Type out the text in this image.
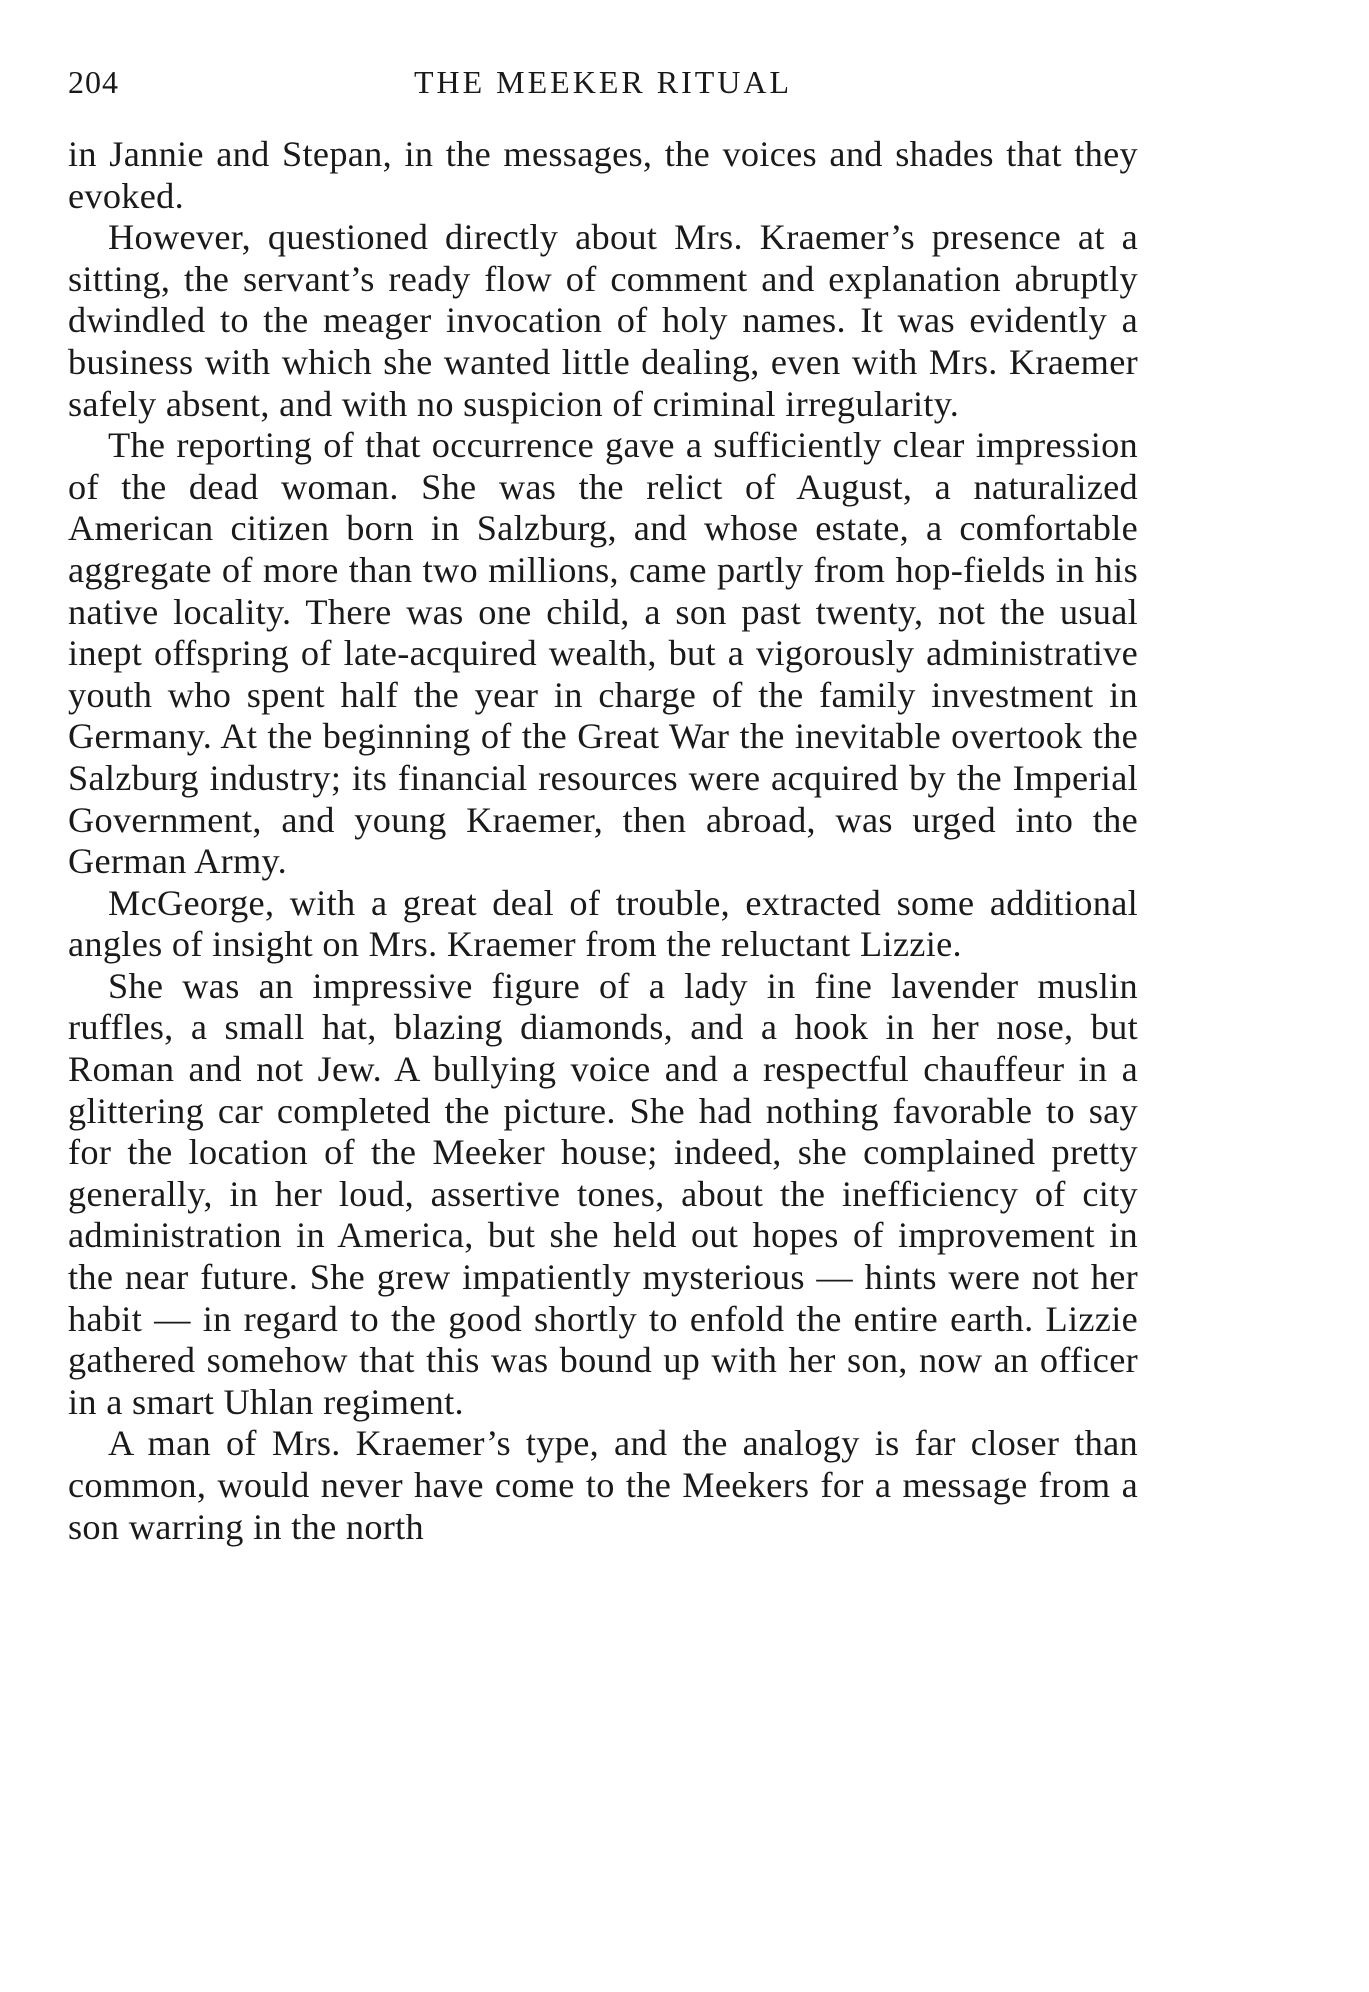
204	THE MEEKER RITUAL

in Jannie and Stepan, in the messages, the voices and shades that they evoked.

However, questioned directly about Mrs. Kraemer’s presence at a sitting, the servant’s ready flow of comment and explanation abruptly dwindled to the meager invocation of holy names. It was evidently a business with which she wanted little dealing, even with Mrs. Kraemer safely absent, and with no suspicion of criminal irregularity.

The reporting of that occurrence gave a sufficiently clear impression of the dead woman. She was the relict of August, a naturalized American citizen born in Salzburg, and whose estate, a comfortable aggregate of more than two millions, came partly from hop-fields in his native locality. There was one child, a son past twenty, not the usual inept offspring of late-acquired wealth, but a vigorously administrative youth who spent half the year in charge of the family investment in Germany. At the beginning of the Great War the inevitable overtook the Salzburg industry; its financial resources were acquired by the Imperial Government, and young Kraemer, then abroad, was urged into the German Army.

McGeorge, with a great deal of trouble, extracted some additional angles of insight on Mrs. Kraemer from the reluctant Lizzie.

She was an impressive figure of a lady in fine lavender muslin ruffles, a small hat, blazing diamonds, and a hook in her nose, but Roman and not Jew. A bullying voice and a respectful chauffeur in a glittering car completed the picture. She had nothing favorable to say for the location of the Meeker house; indeed, she complained pretty generally, in her loud, assertive tones, about the inefficiency of city administration in America, but she held out hopes of improvement in the near future. She grew impatiently mysterious — hints were not her habit — in regard to the good shortly to enfold the entire earth. Lizzie gathered somehow that this was bound up with her son, now an officer in a smart Uhlan regiment.

A man of Mrs. Kraemer’s type, and the analogy is far closer than common, would never have come to the Meekers for a message from a son warring in the north
